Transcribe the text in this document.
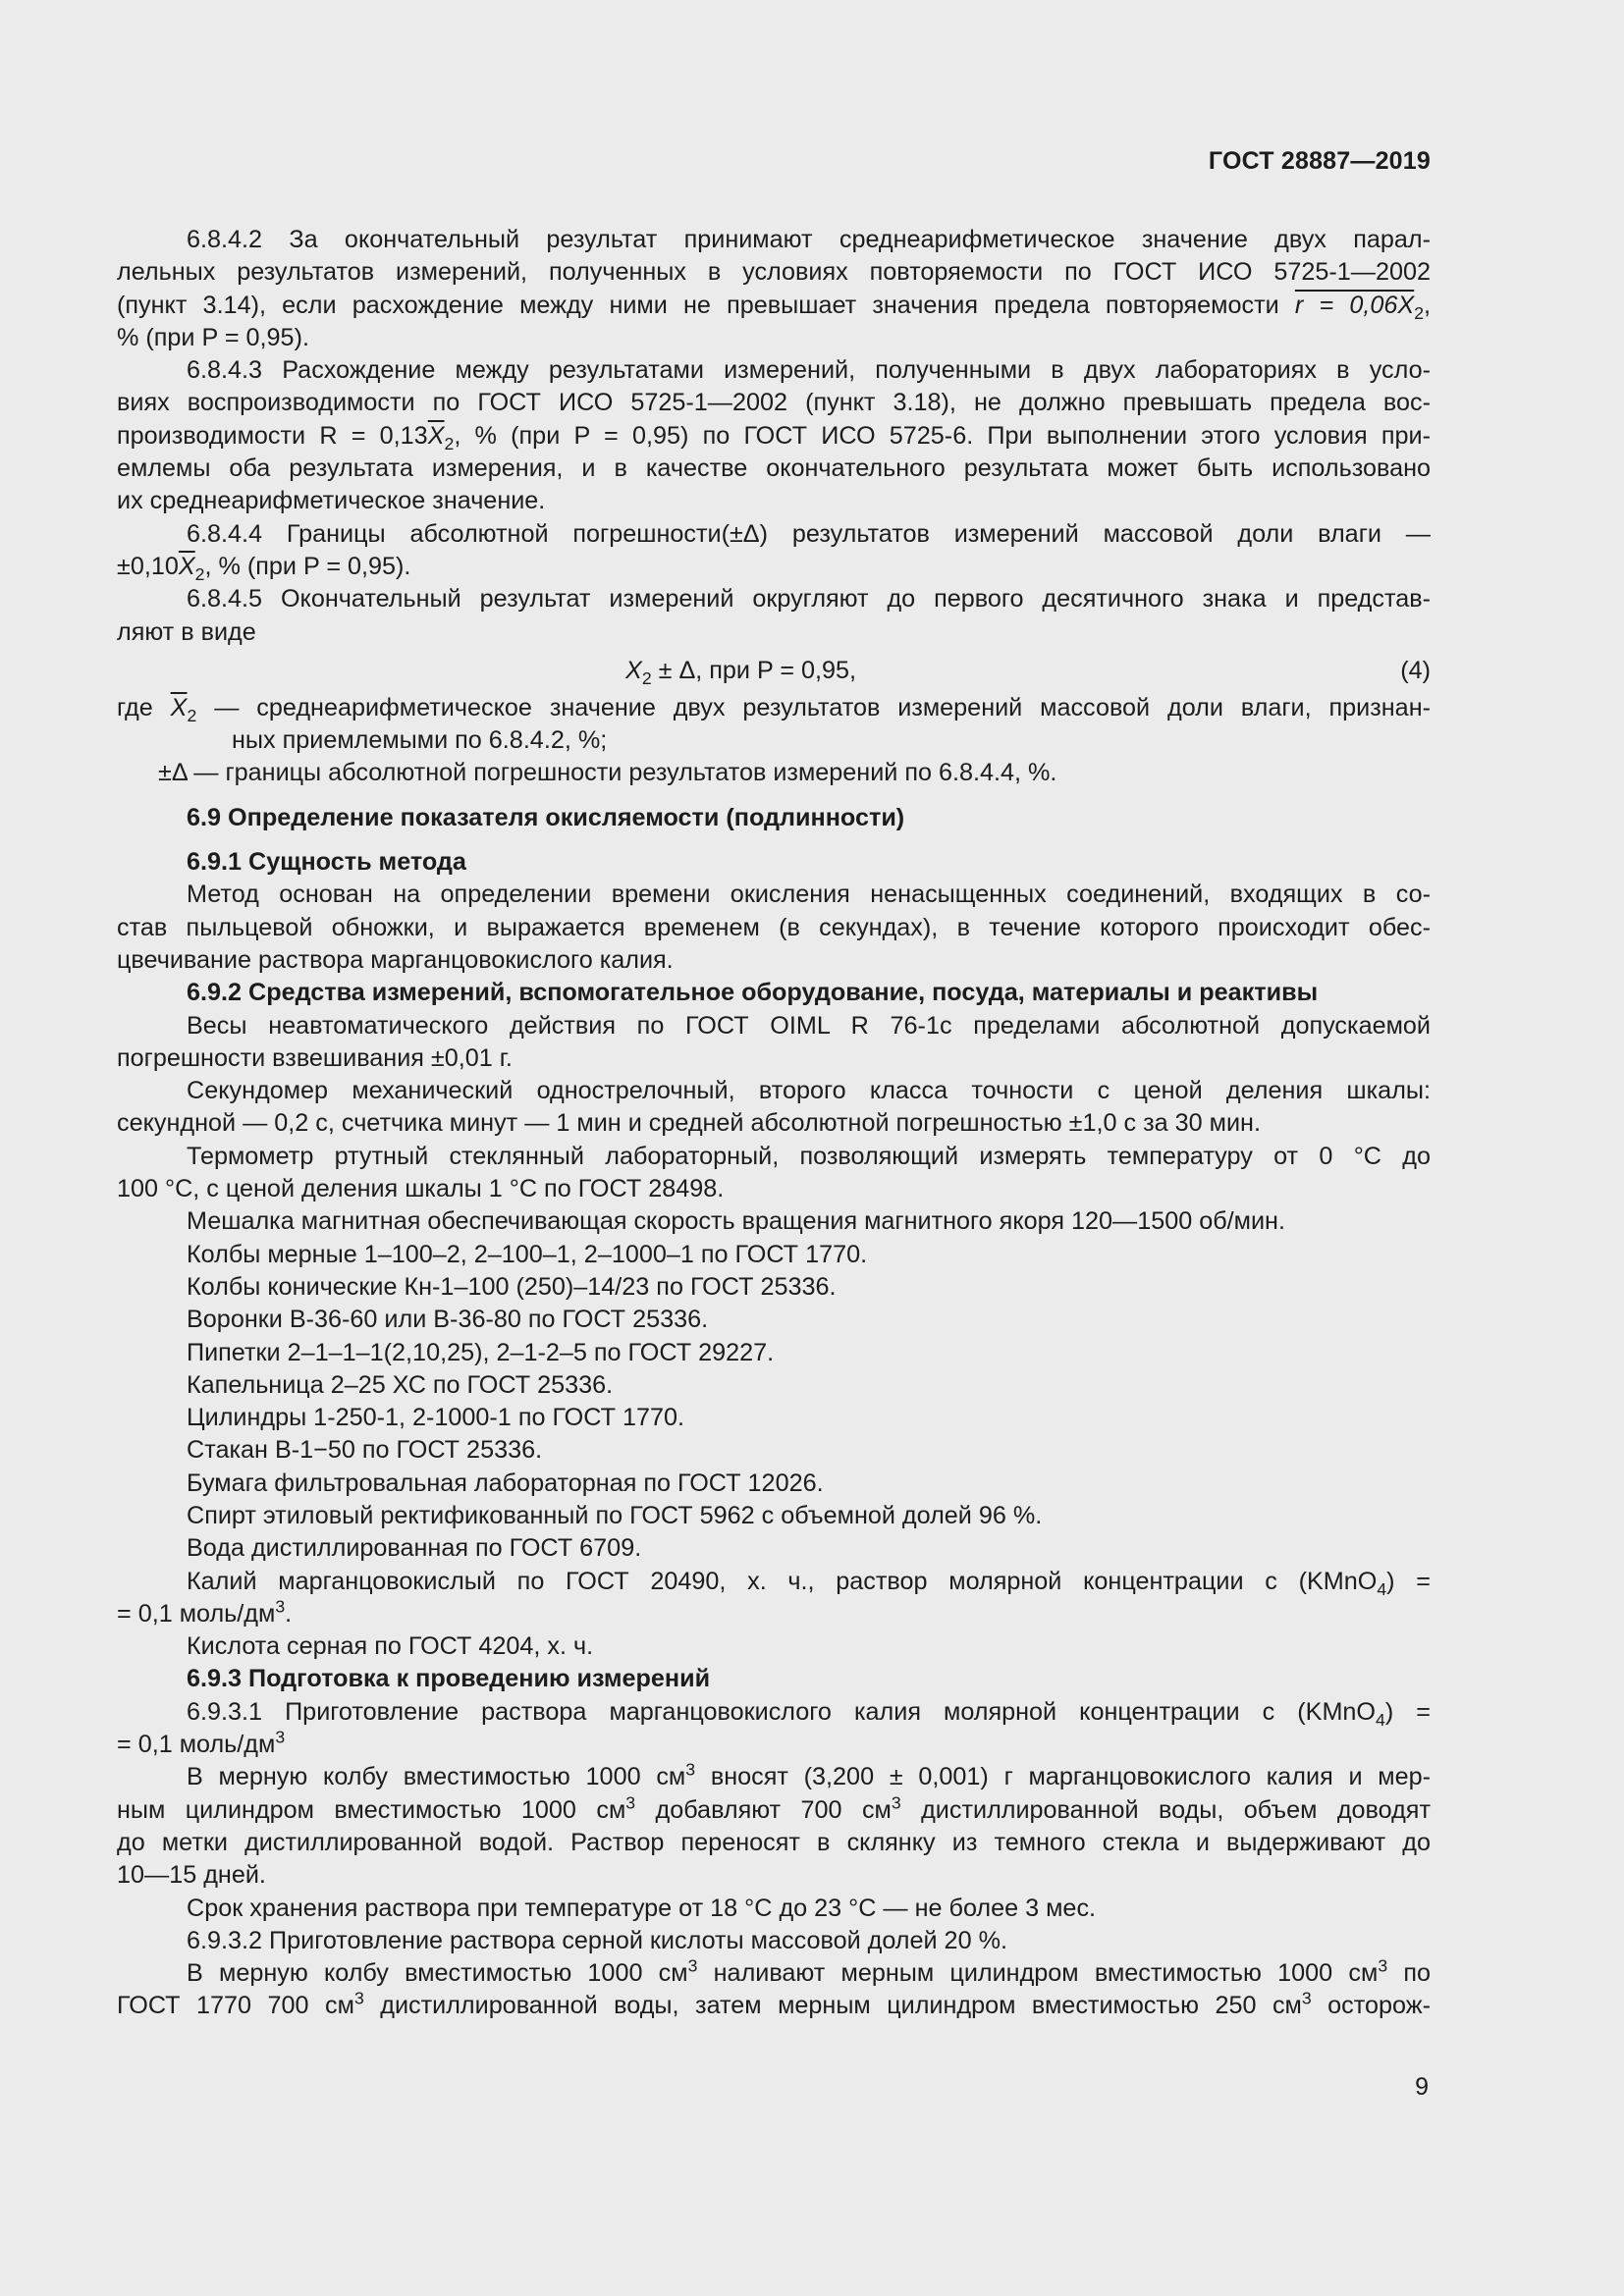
ГОСТ 28887—2019

6.8.4.2 За окончательный результат принимают среднеарифметическое значение двух парал-

лельных результатов измерений, полученных в условиях повторяемости по ГОСТ ИСО 5725-1—2002

(пункт 3.14), если расхождение между ними не превышает значения предела повторяемости $r = 0,06X_2$,

% (при P = 0,95).

6.8.4.3 Расхождение между результатами измерений, полученными в двух лабораториях в усло-

виях воспроизводимости по ГОСТ ИСО 5725-1—2002 (пункт 3.18), не должно превышать предела вос-

производимости $R = 0,13\overline{X}_2$, % (при P = 0,95) по ГОСТ ИСО 5725-6. При выполнении этого условия при-

емлемы оба результата измерения, и в качестве окончательного результата может быть использовано

их среднеарифметическое значение.

6.8.4.4 Границы абсолютной погрешности(±Δ) результатов измерений массовой доли влаги —

$\pm 0,10\overline{X}_2$, % (при P = 0,95).

6.8.4.5 Окончательный результат измерений округляют до первого десятичного знака и представ-

ляют в виде

$X_2 \pm \Delta$, при P = 0,95,	(4)

где $\overline{X}_2$ — среднеарифметическое значение двух результатов измерений массовой доли влаги, признан-

ных приемлемыми по 6.8.4.2, %;

±Δ — границы абсолютной погрешности результатов измерений по 6.8.4.4, %.

6.9 Определение показателя окисляемости (подлинности)

6.9.1 Сущность метода

Метод основан на определении времени окисления ненасыщенных соединений, входящих в со-

став пыльцевой обножки, и выражается временем (в секундах), в течение которого происходит обес-

цвечивание раствора марганцовокислого калия.

6.9.2 Средства измерений, вспомогательное оборудование, посуда, материалы и реактивы

Весы неавтоматического действия по ГОСТ OIML R 76-1c пределами абсолютной допускаемой

погрешности взвешивания ±0,01 г.

Секундомер механический однострелочный, второго класса точности с ценой деления шкалы:

секундной — 0,2 с, счетчика минут — 1 мин и средней абсолютной погрешностью ±1,0 с за 30 мин.

Термометр ртутный стеклянный лабораторный, позволяющий измерять температуру от 0 °С до

100 °С, с ценой деления шкалы 1 °С по ГОСТ 28498.

Мешалка магнитная обеспечивающая скорость вращения магнитного якоря 120—1500 об/мин.

Колбы мерные 1–100–2, 2–100–1, 2–1000–1 по ГОСТ 1770.

Колбы конические Кн-1–100 (250)–14/23 по ГОСТ 25336.

Воронки В-36-60 или В-36-80 по ГОСТ 25336.

Пипетки 2–1–1–1(2,10,25), 2–1-2–5 по ГОСТ 29227.

Капельница 2–25 ХС по ГОСТ 25336.

Цилиндры 1-250-1, 2-1000-1 по ГОСТ 1770.

Стакан В-1−50 по ГОСТ 25336.

Бумага фильтровальная лабораторная по ГОСТ 12026.

Спирт этиловый ректификованный по ГОСТ 5962 с объемной долей 96 %.

Вода дистиллированная по ГОСТ 6709.

Калий марганцовокислый по ГОСТ 20490, х. ч., раствор молярной концентрации c (KMnO$_4$) =

= 0,1 моль/$дм^3$.

Кислота серная по ГОСТ 4204, х. ч.

6.9.3 Подготовка к проведению измерений

6.9.3.1 Приготовление раствора марганцовокислого калия молярной концентрации c (KMnO$_4$) =

= 0,1 моль/$дм^3$

В мерную колбу вместимостью 1000 $см^3$ вносят (3,200 ± 0,001) г марганцовокислого калия и мер-

ным цилиндром вместимостью 1000 $см^3$ добавляют 700 $см^3$ дистиллированной воды, объем доводят

до метки дистиллированной водой. Раствор переносят в склянку из темного стекла и выдерживают до

10—15 дней.

Срок хранения раствора при температуре от 18 °С до 23 °С — не более 3 мес.

6.9.3.2 Приготовление раствора серной кислоты массовой долей 20 %.

В мерную колбу вместимостью 1000 $см^3$ наливают мерным цилиндром вместимостью 1000 $см^3$ по

ГОСТ 1770 700 $см^3$ дистиллированной воды, затем мерным цилиндром вместимостью 250 $см^3$ осторож-

9
